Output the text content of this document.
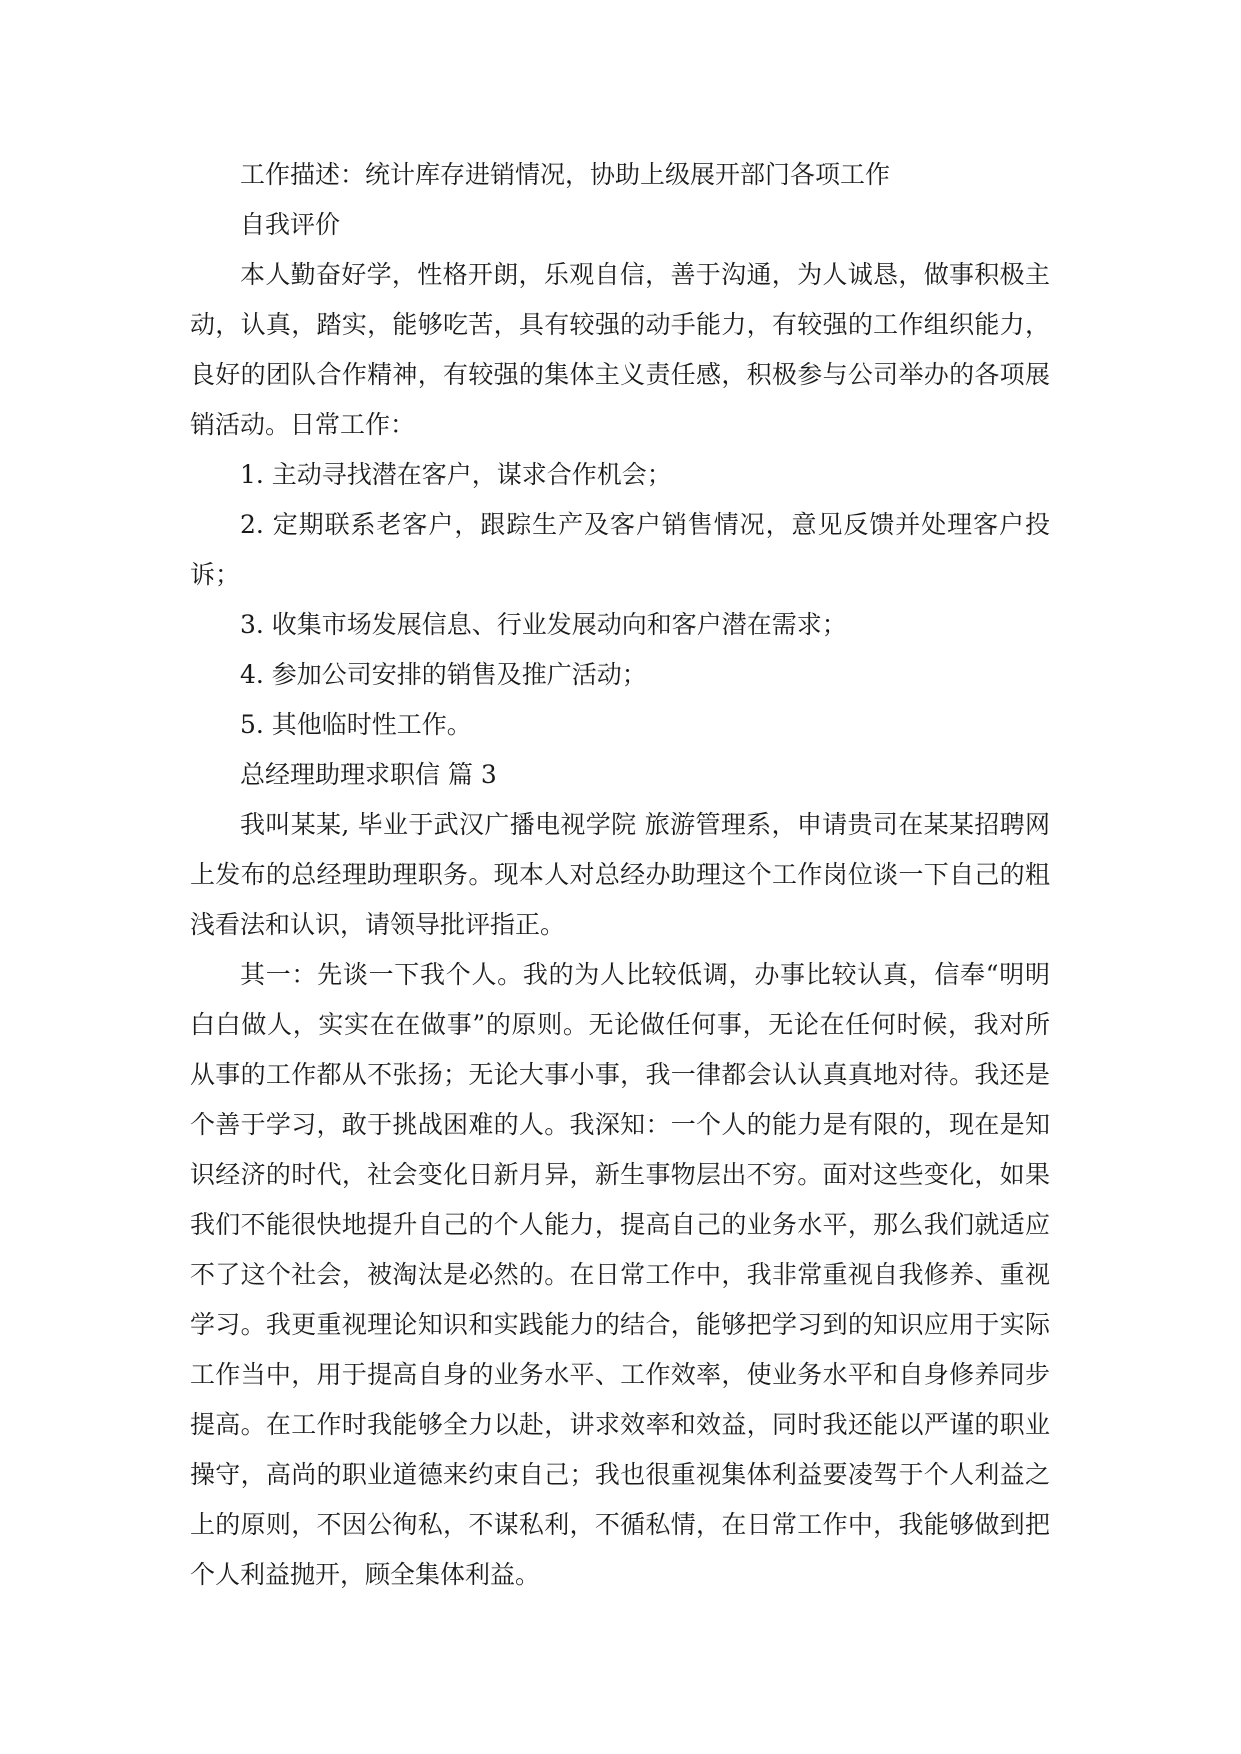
工作描述：统计库存进销情况，协助上级展开部门各项工作

自我评价

本人勤奋好学，性格开朗，乐观自信，善于沟通，为人诚恳，做事积极主动，认真，踏实，能够吃苦，具有较强的动手能力，有较强的工作组织能力，良好的团队合作精神，有较强的集体主义责任感，积极参与公司举办的各项展销活动。日常工作：

1. 主动寻找潜在客户，谋求合作机会；

2. 定期联系老客户，跟踪生产及客户销售情况，意见反馈并处理客户投诉；

3. 收集市场发展信息、行业发展动向和客户潜在需求；

4. 参加公司安排的销售及推广活动；

5. 其他临时性工作。

总经理助理求职信 篇 3

我叫某某, 毕业于武汉广播电视学院 旅游管理系，申请贵司在某某招聘网上发布的总经理助理职务。现本人对总经办助理这个工作岗位谈一下自己的粗浅看法和认识，请领导批评指正。

其一：先谈一下我个人。我的为人比较低调，办事比较认真，信奉“明明白白做人，实实在在做事”的原则。无论做任何事，无论在任何时候，我对所从事的工作都从不张扬；无论大事小事，我一律都会认认真真地对待。我还是个善于学习，敢于挑战困难的人。我深知：一个人的能力是有限的，现在是知识经济的时代，社会变化日新月异，新生事物层出不穷。面对这些变化，如果我们不能很快地提升自己的个人能力，提高自己的业务水平，那么我们就适应不了这个社会，被淘汰是必然的。在日常工作中，我非常重视自我修养、重视学习。我更重视理论知识和实践能力的结合，能够把学习到的知识应用于实际工作当中，用于提高自身的业务水平、工作效率，使业务水平和自身修养同步提高。在工作时我能够全力以赴，讲求效率和效益，同时我还能以严谨的职业操守，高尚的职业道德来约束自己；我也很重视集体利益要凌驾于个人利益之上的原则，不因公徇私，不谋私利，不循私情，在日常工作中，我能够做到把个人利益抛开，顾全集体利益。
